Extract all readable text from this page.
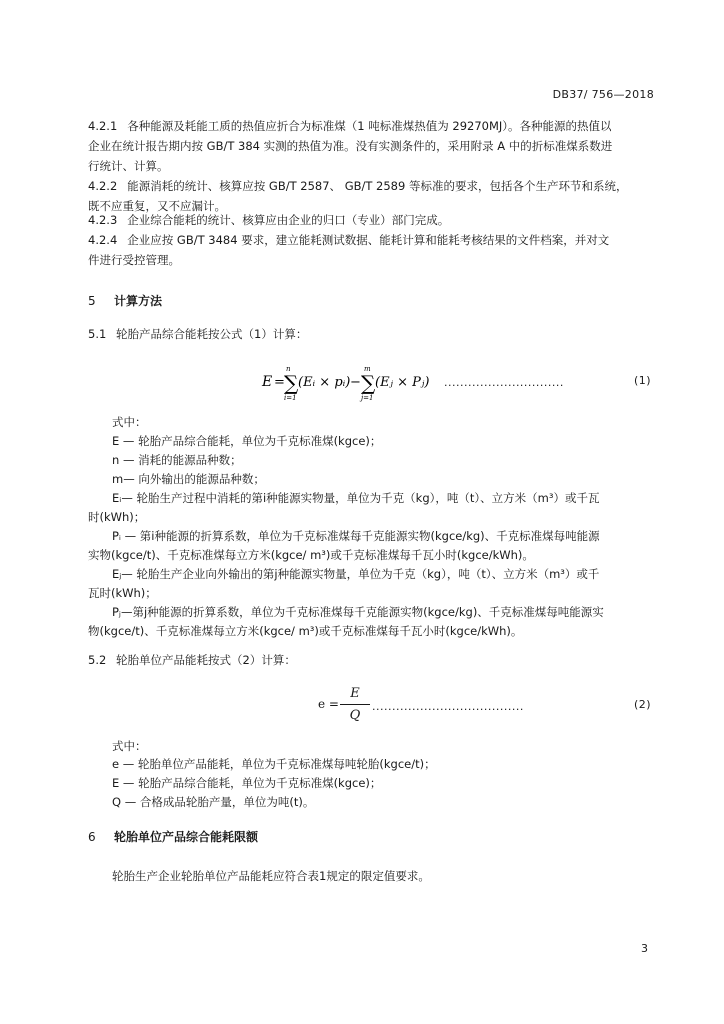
DB37/ 756—2018
4.2.1 各种能源及耗能工质的热值应折合为标准煤（1 吨标准煤热值为 29270MJ）。各种能源的热值以
企业在统计报告期内按 GB/T 384 实测的热值为准。没有实测条件的，采用附录 A 中的折标准煤系数进
行统计、计算。
4.2.2 能源消耗的统计、核算应按 GB/T 2587、 GB/T 2589 等标准的要求，包括各个生产环节和系统，
既不应重复，又不应漏计。
4.2.3 企业综合能耗的统计、核算应由企业的归口（专业）部门完成。
4.2.4 企业应按 GB/T 3484 要求，建立能耗测试数据、能耗计算和能耗考核结果的文件档案，并对文
件进行受控管理。
5 计算方法
5.1 轮胎产品综合能耗按公式（1）计算：
E =
n
∑
i=1
(Eᵢ × pᵢ) −
m
∑
j=1
(Eⱼ × Pⱼ) ..............................	(1)
式中：
E — 轮胎产品综合能耗，单位为千克标准煤(kgce)；
n — 消耗的能源品种数；
m— 向外输出的能源品种数；
Eᵢ— 轮胎生产过程中消耗的第i种能源实物量，单位为千克（kg），吨（t）、立方米（m³）或千瓦
时(kWh)；
Pᵢ — 第i种能源的折算系数，单位为千克标准煤每千克能源实物(kgce/kg)、千克标准煤每吨能源
实物(kgce/t)、千克标准煤每立方米(kgce/ m³)或千克标准煤每千瓦小时(kgce/kWh)。
Eⱼ— 轮胎生产企业向外输出的第j种能源实物量，单位为千克（kg），吨（t）、立方米（m³）或千
瓦时(kWh)；
Pⱼ—第j种能源的折算系数，单位为千克标准煤每千克能源实物(kgce/kg)、千克标准煤每吨能源实
物(kgce/t)、千克标准煤每立方米(kgce/ m³)或千克标准煤每千瓦小时(kgce/kWh)。
5.2 轮胎单位产品能耗按式（2）计算：
e =
E
Q
......................................	(2)
式中：
e — 轮胎单位产品能耗，单位为千克标准煤每吨轮胎(kgce/t)；
E — 轮胎产品综合能耗，单位为千克标准煤(kgce)；
Q — 合格成品轮胎产量，单位为吨(t)。
6 轮胎单位产品综合能耗限额
轮胎生产企业轮胎单位产品能耗应符合表1规定的限定值要求。
3
